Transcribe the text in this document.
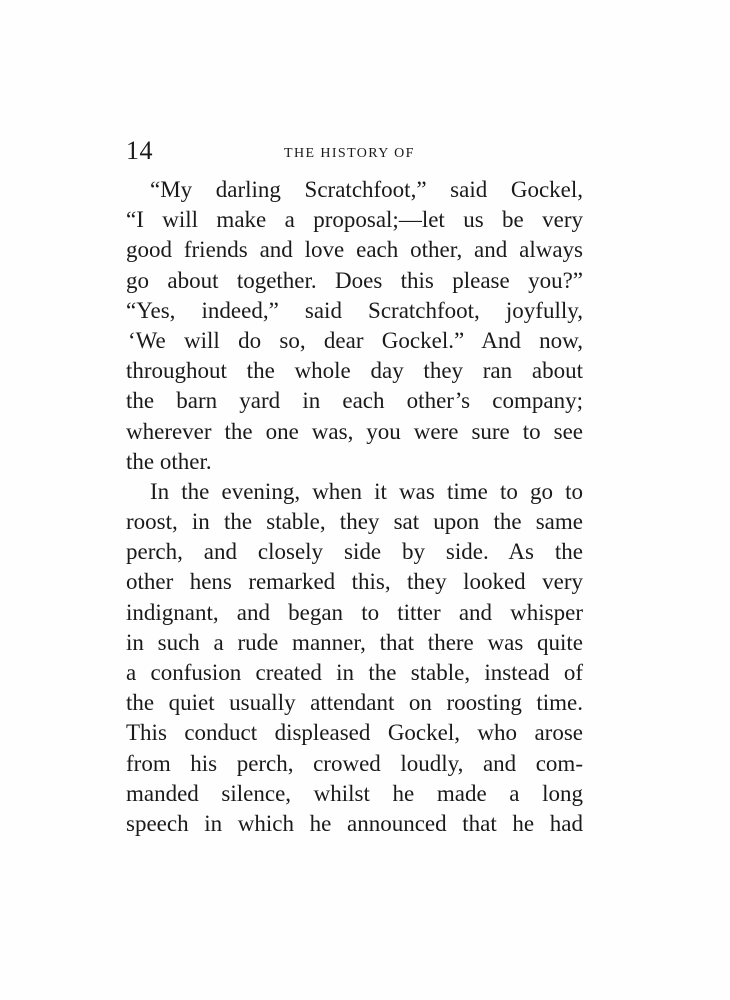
14	THE HISTORY OF
“My darling Scratchfoot,” said Gockel,
“I will make a proposal;—let us be very
good friends and love each other, and always
go about together. Does this please you?”
“Yes, indeed,” said Scratchfoot, joyfully,
‘We will do so, dear Gockel.” And now,
throughout the whole day they ran about
the barn yard in each other’s company;
wherever the one was, you were sure to see
the other.
In the evening, when it was time to go to
roost, in the stable, they sat upon the same
perch, and closely side by side. As the
other hens remarked this, they looked very
indignant, and began to titter and whisper
in such a rude manner, that there was quite
a confusion created in the stable, instead of
the quiet usually attendant on roosting time.
This conduct displeased Gockel, who arose
from his perch, crowed loudly, and com-
manded silence, whilst he made a long
speech in which he announced that he had
